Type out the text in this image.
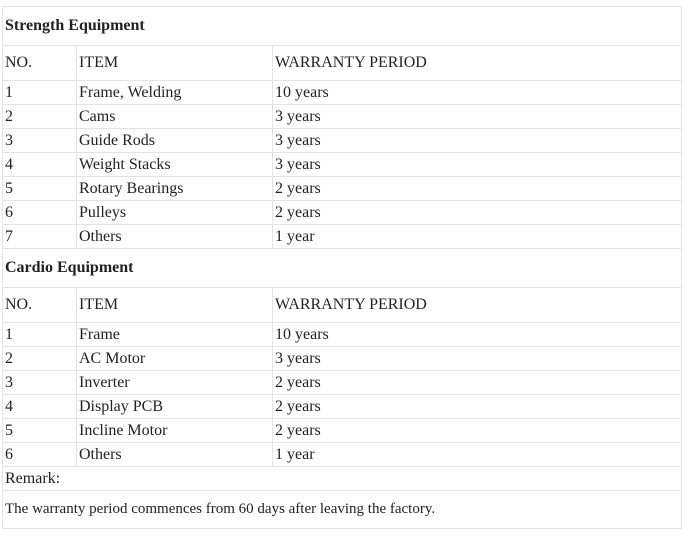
Strength Equipment		
NO.	ITEM	WARRANTY PERIOD
1	Frame, Welding	10 years
2	Cams	3 years
3	Guide Rods	3 years
4	Weight Stacks	3 years
5	Rotary Bearings	2 years
6	Pulleys	2 years
7	Others	1 year
Cardio Equipment		
NO.	ITEM	WARRANTY PERIOD
1	Frame	10 years
2	AC Motor	3 years
3	Inverter	2 years
4	Display PCB	2 years
5	Incline Motor	2 years
6	Others	1 year
Remark:		
The warranty period commences from 60 days after leaving the factory.		
